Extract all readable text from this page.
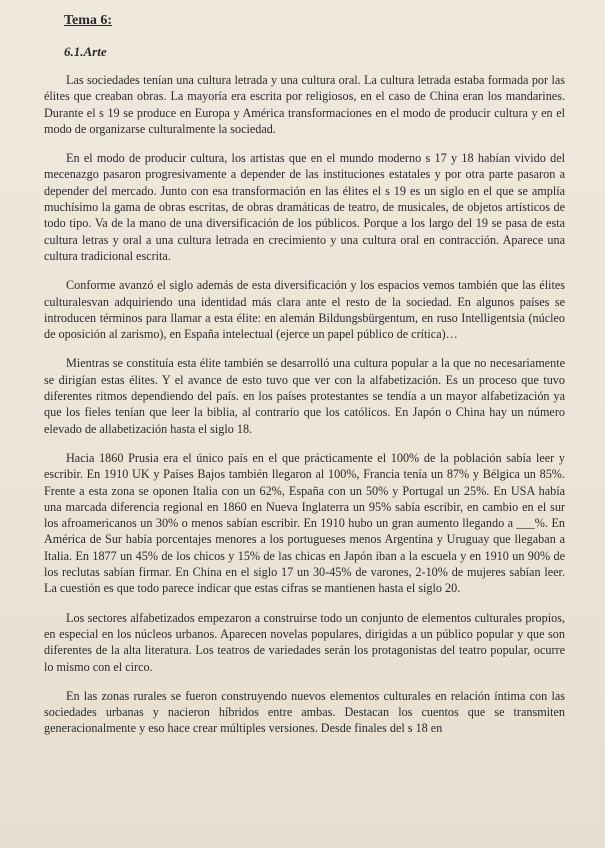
Tema 6:
6.1.Arte

Las sociedades tenían una cultura letrada y una cultura oral. La cultura letrada estaba formada por las élites que creaban obras. La mayoría era escrita por religiosos, en el caso de China eran los mandarines. Durante el s 19 se produce en Europa y América transformaciones en el modo de producir cultura y en el modo de organizarse culturalmente la sociedad.

En el modo de producir cultura, los artistas que en el mundo moderno s 17 y 18 habían vivido del mecenazgo pasaron progresivamente a depender de las instituciones estatales y por otra parte pasaron a depender del mercado. Junto con esa transformación en las élites el s 19 es un siglo en el que se amplía muchísimo la gama de obras escritas, de obras dramáticas de teatro, de musicales, de objetos artísticos de todo tipo. Va de la mano de una diversificación de los públicos. Porque a los largo del 19 se pasa de esta cultura letras y oral a una cultura letrada en crecimiento y una cultura oral en contracción. Aparece una cultura tradicional escrita.

Conforme avanzó el siglo además de esta diversificación y los espacios vemos también que las élites culturalesvan adquiriendo una identidad más clara ante el resto de la sociedad. En algunos países se introducen términos para llamar a esta élite: en alemán Bildungsbürgentum, en ruso Intelligentsia (núcleo de oposición al zarismo), en España intelectual (ejerce un papel público de crítica)…

Mientras se constituía esta élite también se desarrolló una cultura popular a la que no necesariamente se dirigían estas élites. Y el avance de esto tuvo que ver con la alfabetización. Es un proceso que tuvo diferentes ritmos dependiendo del país. en los países protestantes se tendía a un mayor alfabetización ya que los fieles tenían que leer la biblia, al contrario que los católicos. En Japón o China hay un número elevado de allabetización hasta el siglo 18.

Hacia 1860 Prusia era el único país en el que prácticamente el 100% de la población sabía leer y escribir. En 1910 UK y Países Bajos también llegaron al 100%, Francia tenía un 87% y Bélgica un 85%. Frente a esta zona se oponen Italia con un 62%, España con un 50% y Portugal un 25%. En USA había una marcada diferencia regional en 1860 en Nueva Inglaterra un 95% sabía escribir, en cambio en el sur los afroamericanos un 30% o menos sabían escribir. En 1910 hubo un gran aumento llegando a ___%. En América de Sur había porcentajes menores a los portugueses menos Argentina y Uruguay que llegaban a Italia. En 1877 un 45% de los chicos y 15% de las chicas en Japón iban a la escuela y en 1910 un 90% de los reclutas sabían firmar. En China en el siglo 17 un 30-45% de varones, 2-10% de mujeres sabían leer. La cuestión es que todo parece indicar que estas cifras se mantienen hasta el siglo 20.

Los sectores alfabetizados empezaron a construirse todo un conjunto de elementos culturales propios, en especial en los núcleos urbanos. Aparecen novelas populares, dirigidas a un público popular y que son diferentes de la alta literatura. Los teatros de variedades serán los protagonistas del teatro popular, ocurre lo mismo con el circo.

En las zonas rurales se fueron construyendo nuevos elementos culturales en relación íntima con las sociedades urbanas y nacieron híbridos entre ambas. Destacan los cuentos que se transmiten generacionalmente y eso hace crear múltiples versiones. Desde finales del s 18 en
